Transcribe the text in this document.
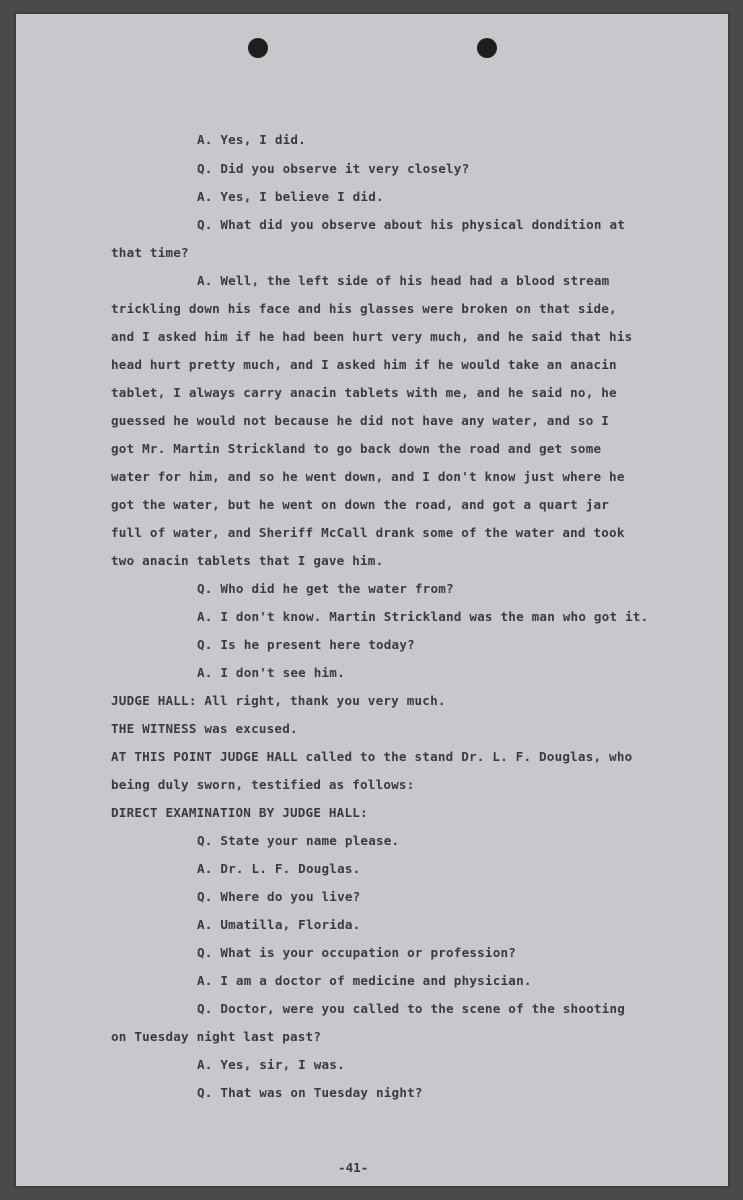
A. Yes, I did.

Q. Did you observe it very closely?

A. Yes, I believe I did.

Q. What did you observe about his physical dondition at

that time?

A. Well, the left side of his head had a blood stream

trickling down his face and his glasses were broken on that side,

and I asked him if he had been hurt very much, and he said that his

head hurt pretty much, and I asked him if he would take an anacin

tablet, I always carry anacin tablets with me, and he said no, he

guessed he would not because he did not have any water, and so I

got Mr. Martin Strickland to go back down the road and get some

water for him, and so he went down, and I don't know just where he

got the water, but he went on down the road, and got a quart jar

full of water, and Sheriff McCall drank some of the water and took

two anacin tablets that I gave him.

Q. Who did he get the water from?

A. I don't know. Martin Strickland was the man who got it.

Q. Is he present here today?

A. I don't see him.

JUDGE HALL: All right, thank you very much.

THE WITNESS was excused.

AT THIS POINT JUDGE HALL called to the stand Dr. L. F. Douglas, who

being duly sworn, testified as follows:

DIRECT EXAMINATION BY JUDGE HALL:

Q. State your name please.

A. Dr. L. F. Douglas.

Q. Where do you live?

A. Umatilla, Florida.

Q. What is your occupation or profession?

A. I am a doctor of medicine and physician.

Q. Doctor, were you called to the scene of the shooting

on Tuesday night last past?

A. Yes, sir, I was.

Q. That was on Tuesday night?

-41-
